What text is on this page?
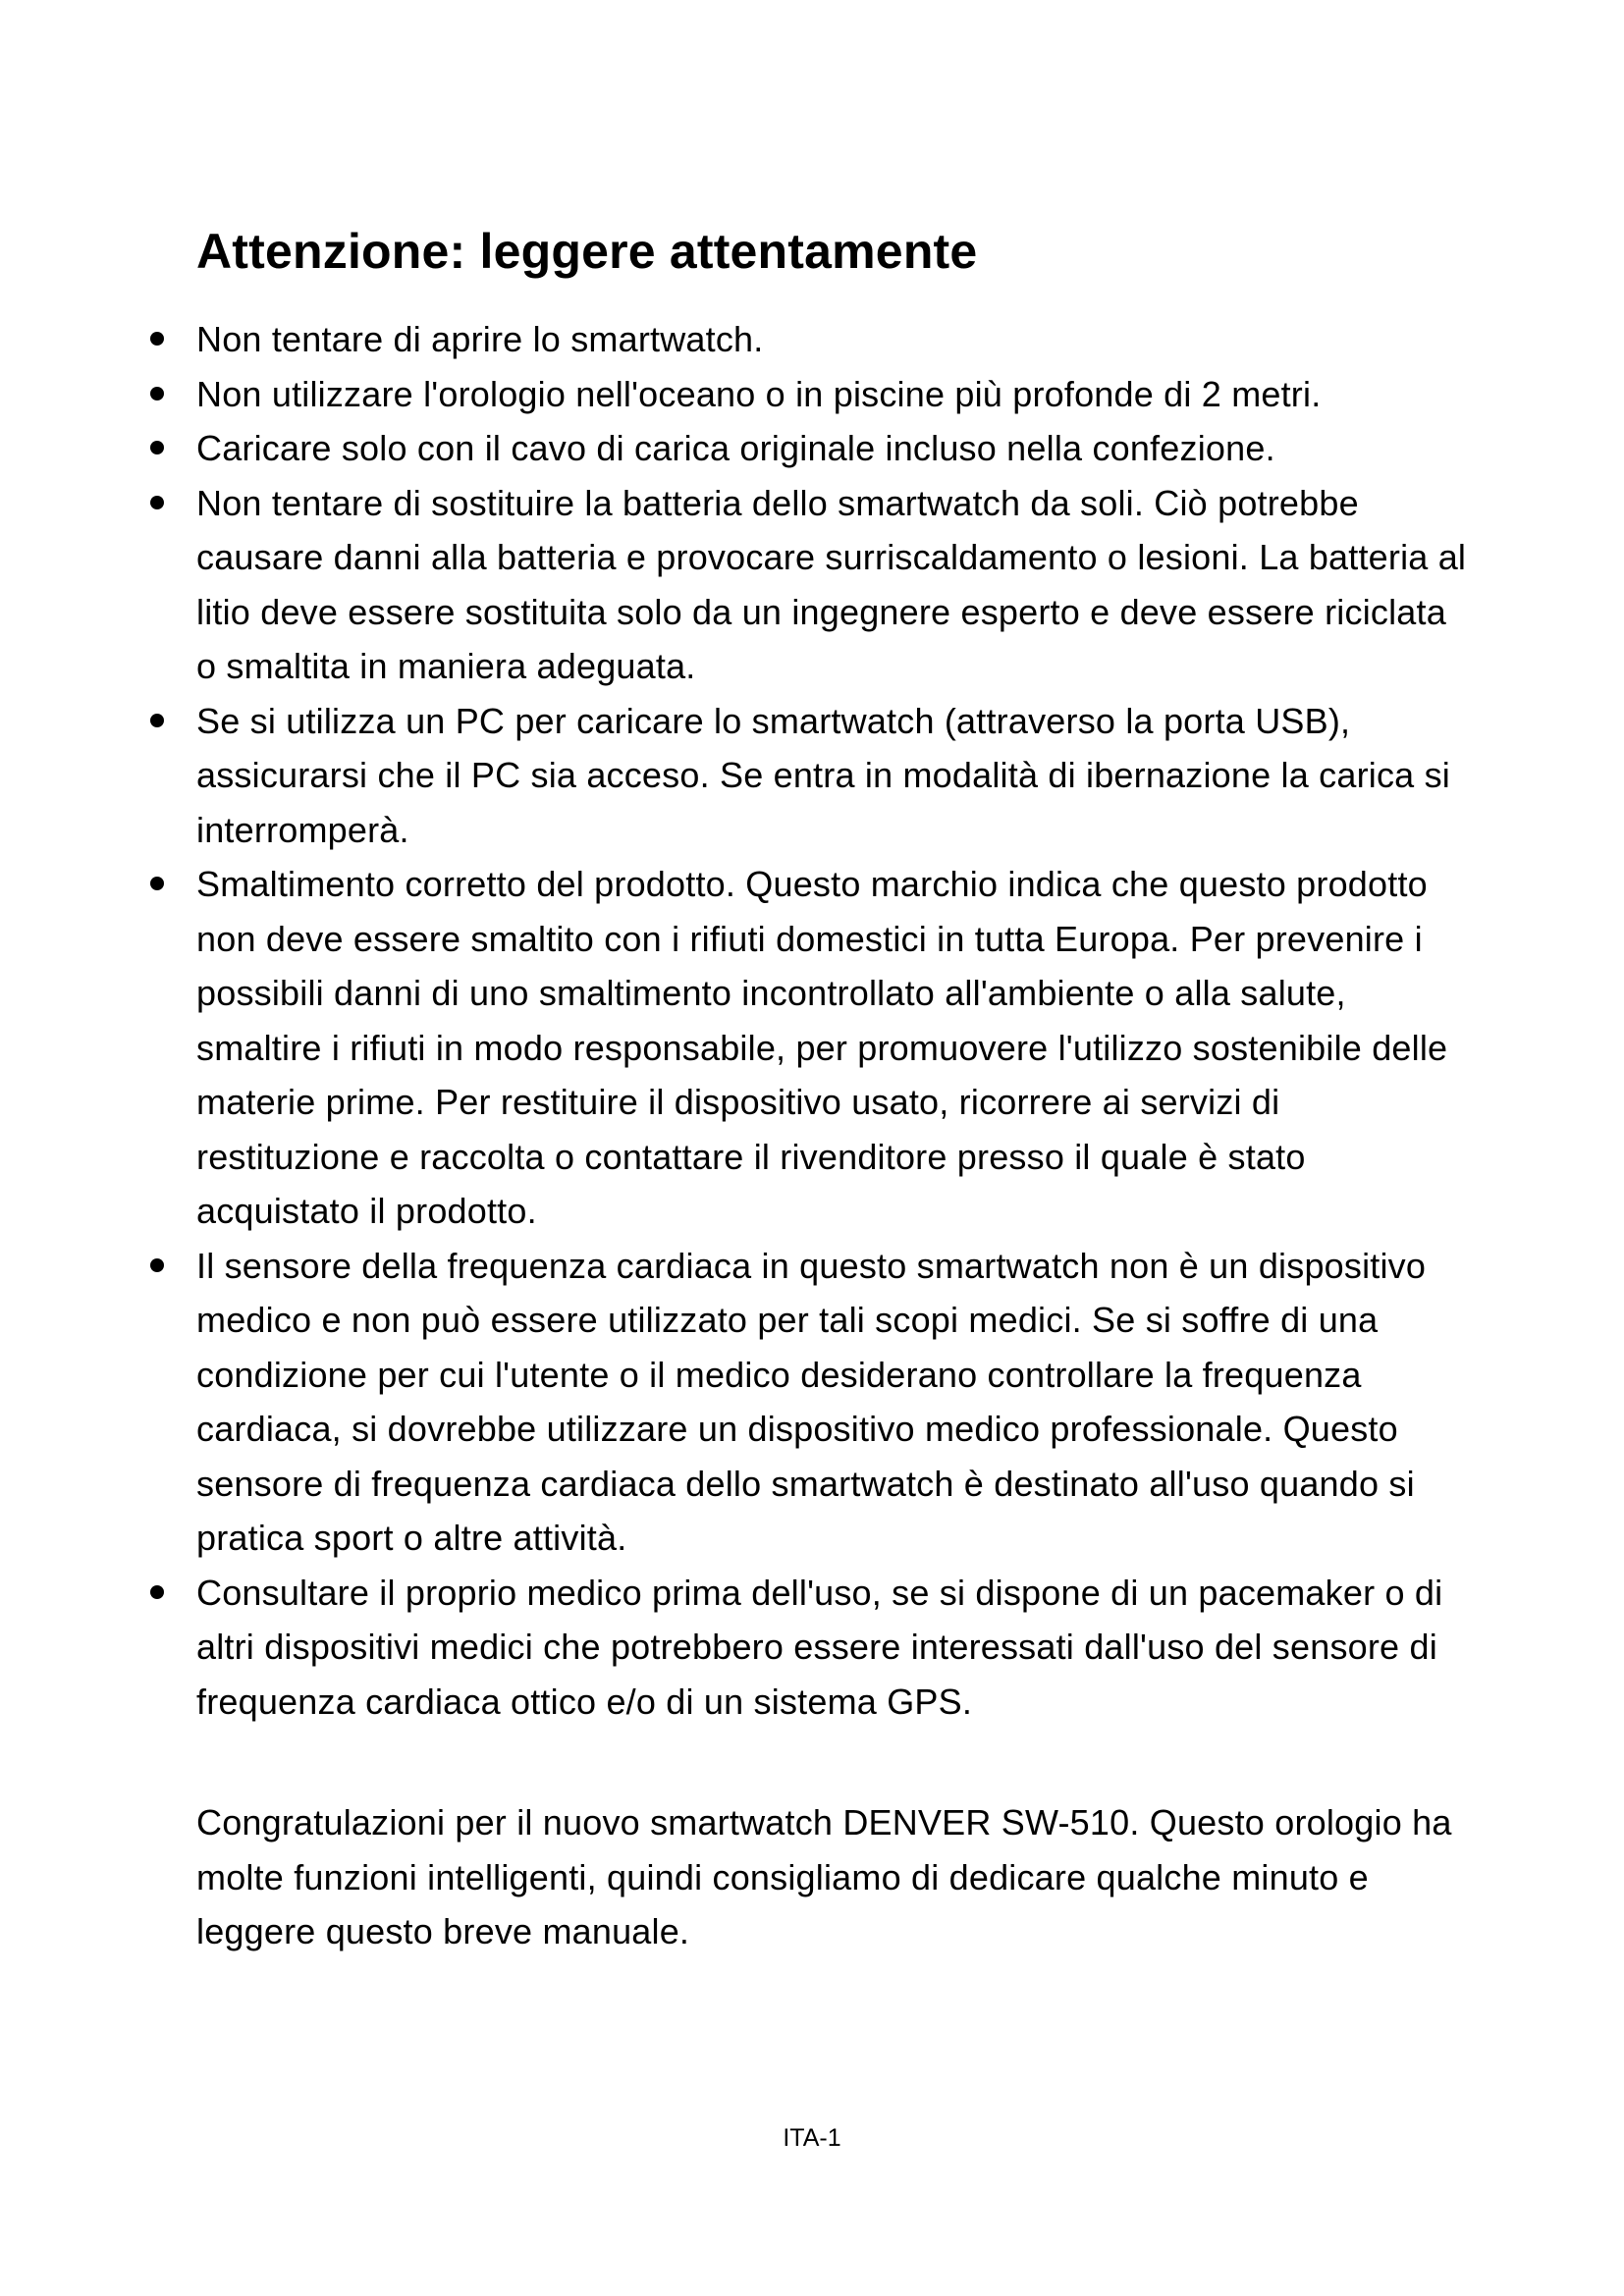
Attenzione: leggere attentamente
Non tentare di aprire lo smartwatch.
Non utilizzare l'orologio nell'oceano o in piscine più profonde di 2 metri.
Caricare solo con il cavo di carica originale incluso nella confezione.
Non tentare di sostituire la batteria dello smartwatch da soli. Ciò potrebbe causare danni alla batteria e provocare surriscaldamento o lesioni. La batteria al litio deve essere sostituita solo da un ingegnere esperto e deve essere riciclata o smaltita in maniera adeguata.
Se si utilizza un PC per caricare lo smartwatch (attraverso la porta USB), assicurarsi che il PC sia acceso. Se entra in modalità di ibernazione la carica si interromperà.
Smaltimento corretto del prodotto. Questo marchio indica che questo prodotto non deve essere smaltito con i rifiuti domestici in tutta Europa. Per prevenire i possibili danni di uno smaltimento incontrollato all'ambiente o alla salute, smaltire i rifiuti in modo responsabile, per promuovere l'utilizzo sostenibile delle materie prime. Per restituire il dispositivo usato, ricorrere ai servizi di restituzione e raccolta o contattare il rivenditore presso il quale è stato acquistato il prodotto.
Il sensore della frequenza cardiaca in questo smartwatch non è un dispositivo medico e non può essere utilizzato per tali scopi medici. Se si soffre di una condizione per cui l'utente o il medico desiderano controllare la frequenza cardiaca, si dovrebbe utilizzare un dispositivo medico professionale. Questo sensore di frequenza cardiaca dello smartwatch è destinato all'uso quando si pratica sport o altre attività.
Consultare il proprio medico prima dell'uso, se si dispone di un pacemaker o di altri dispositivi medici che potrebbero essere interessati dall'uso del sensore di frequenza cardiaca ottico e/o di un sistema GPS.

Congratulazioni per il nuovo smartwatch DENVER SW-510. Questo orologio ha molte funzioni intelligenti, quindi consigliamo di dedicare qualche minuto e leggere questo breve manuale.

ITA-1
